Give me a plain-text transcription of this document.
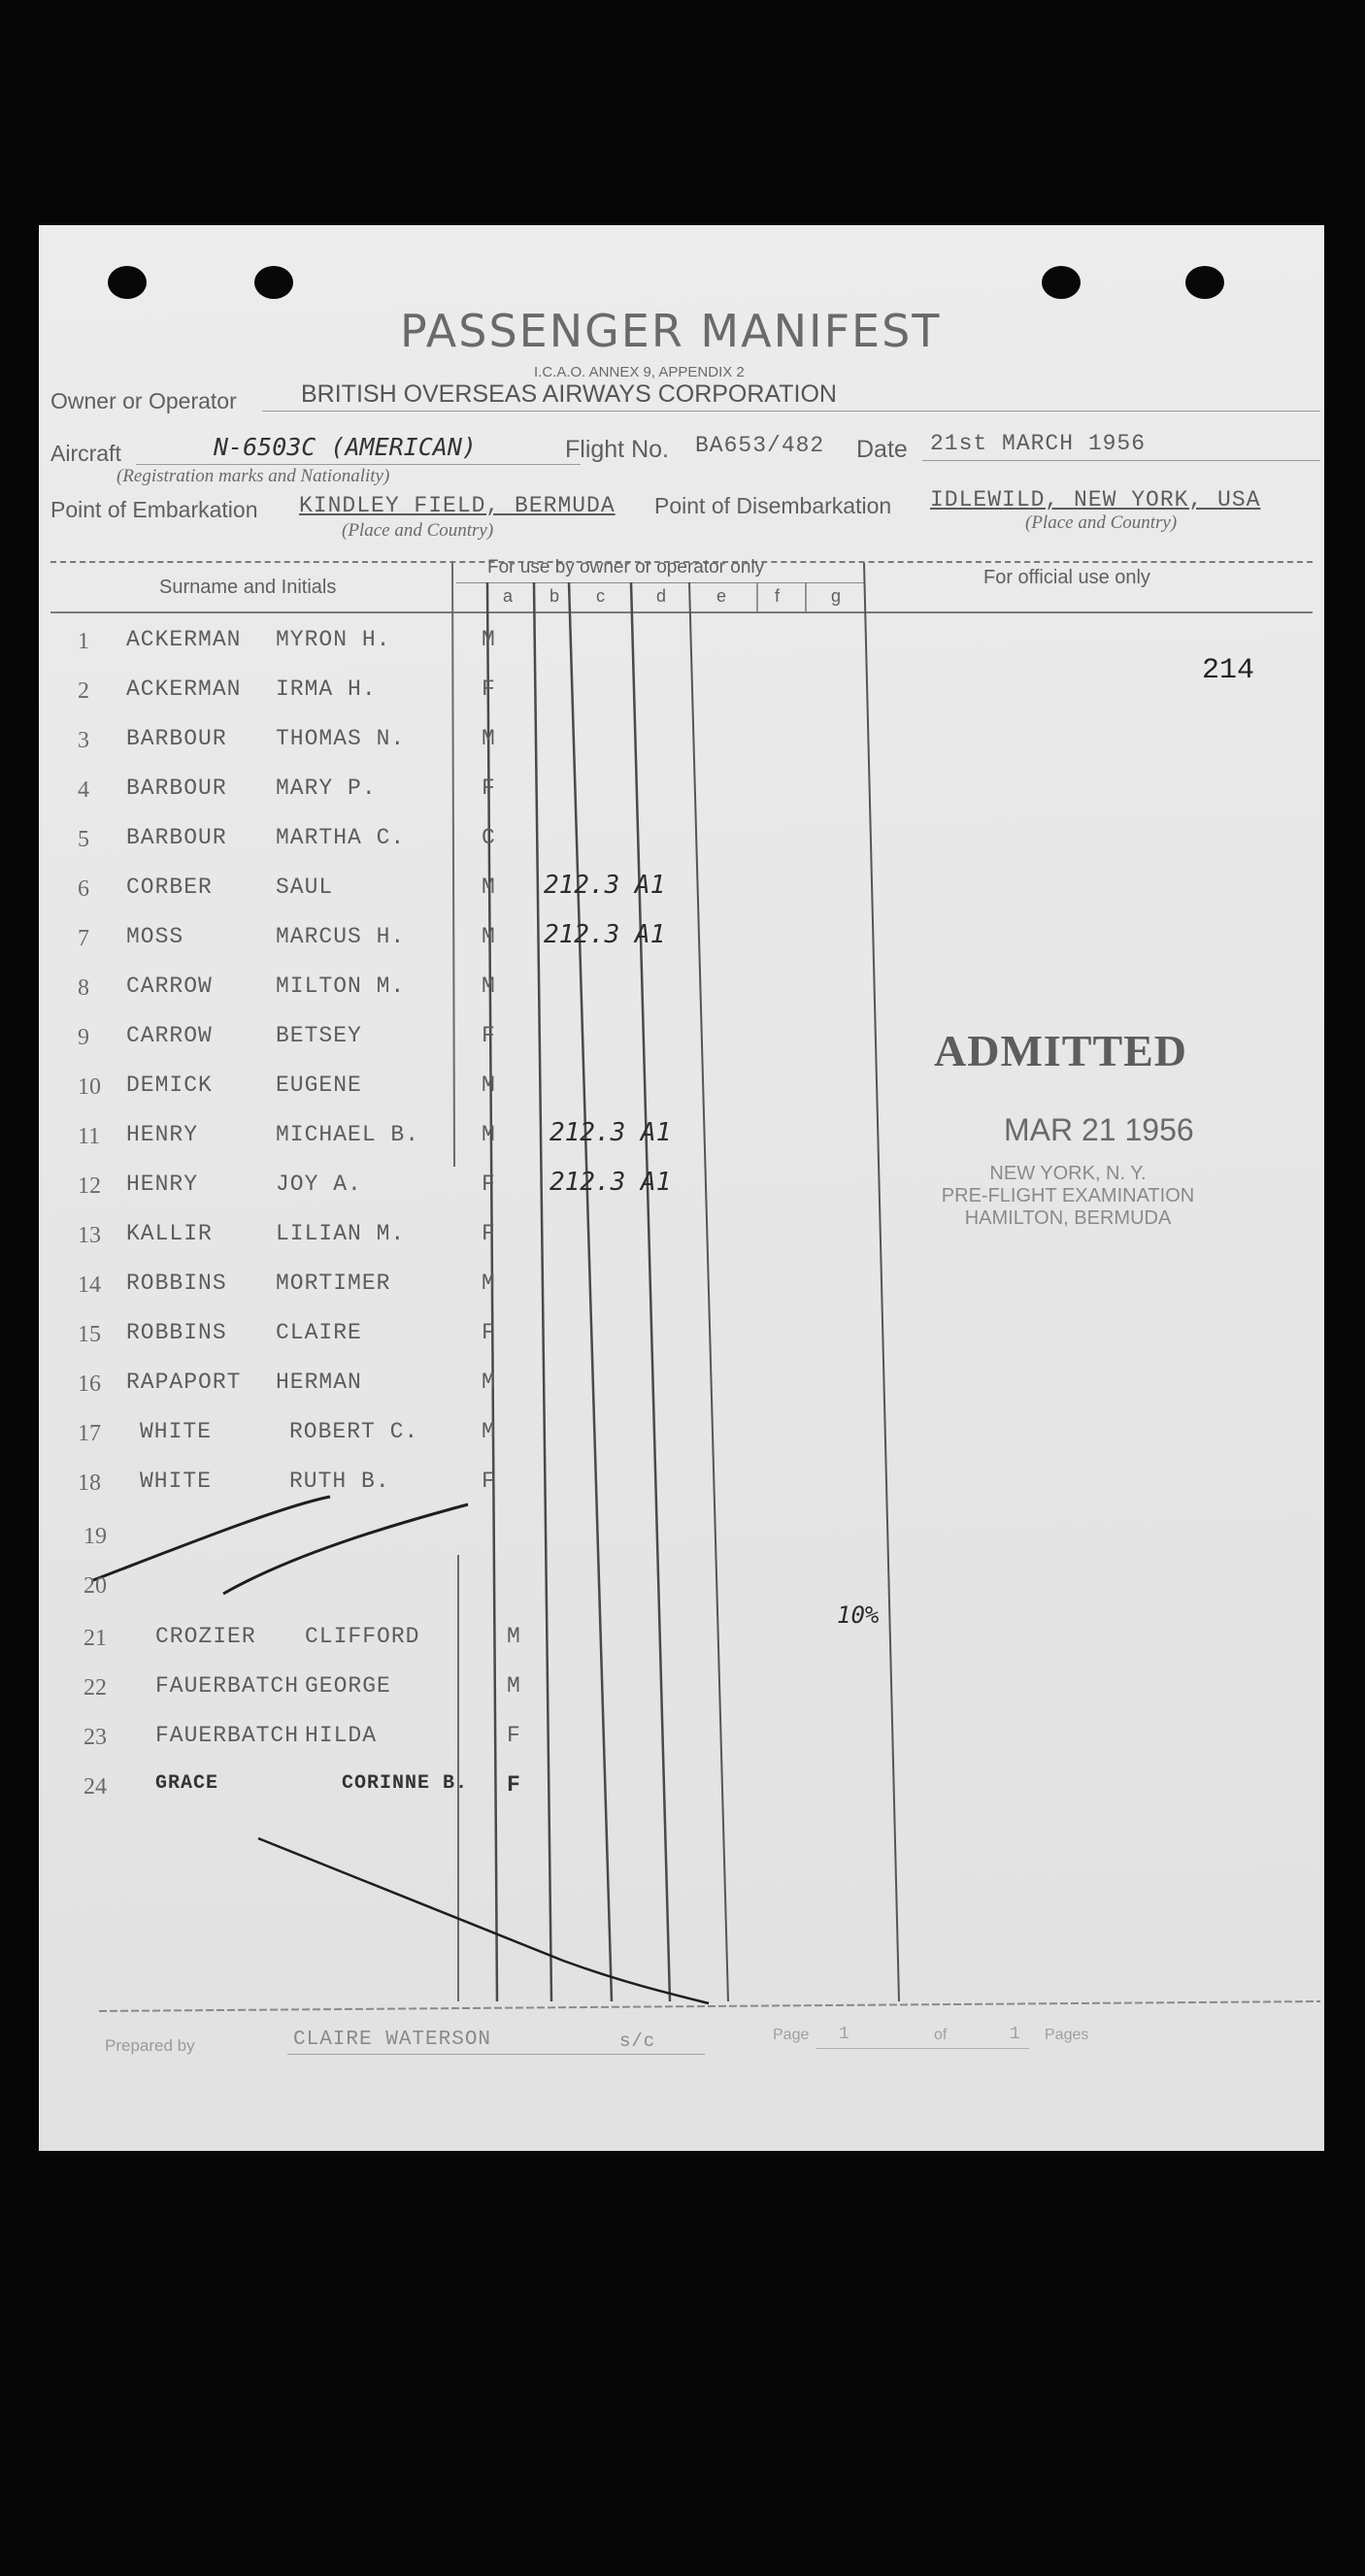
PASSENGER MANIFEST
I.C.A.O. ANNEX 9, APPENDIX 2
Owner or Operator	BRITISH OVERSEAS AIRWAYS CORPORATION
Aircraft	N-6503C (AMERICAN)
(Registration marks and Nationality)
Flight No. BA653/482 Date 21st MARCH 1956
Point of Embarkation KINDLEY FIELD, BERMUDA
(Place and Country)
Point of Disembarkation IDLEWILD, NEW YORK, USA
(Place and Country)
Surname and Initials
For use by owner or operator only	For official use only
a b c	d	e	f	g
214
1	ACKERMAN MYRON H.	M
2	ACKERMAN IRMA H.	F
3	BARBOUR THOMAS N.	M
4	BARBOUR MARY P.	F
5	BARBOUR MARTHA C.	C
6	CORBER	SAUL	M 212.3 A1
7	MOSS	MARCUS H.	M 212.3 A1
8	CARROW	MILTON M.	M
9	CARROW	BETSEY	F
10	DEMICK	EUGENE	M
11	HENRY	MICHAEL B.	M 212.3 A1
12	HENRY	JOY A.	F 212.3 A1
13	KALLIR	LILIAN M.	F
14	ROBBINS MORTIMER	M
15	ROBBINS CLAIRE	F
16	RAPAPORT HERMAN	M
17	WHITE	ROBERT C.	M
18	WHITE	RUTH B.	F
19
20
21	CROZIER CLIFFORD	M
22	FAUERBATCH GEORGE	M
23	FAUERBATCH HILDA	F
24	GRACE	CORINNE B. F
10%
ADMITTED
MAR 21 1956
NEW YORK, N. Y.
PRE-FLIGHT EXAMINATION
HAMILTON, BERMUDA
Prepared by	CLAIRE WATERSON	s/c	Page 1	of	1 Pages
